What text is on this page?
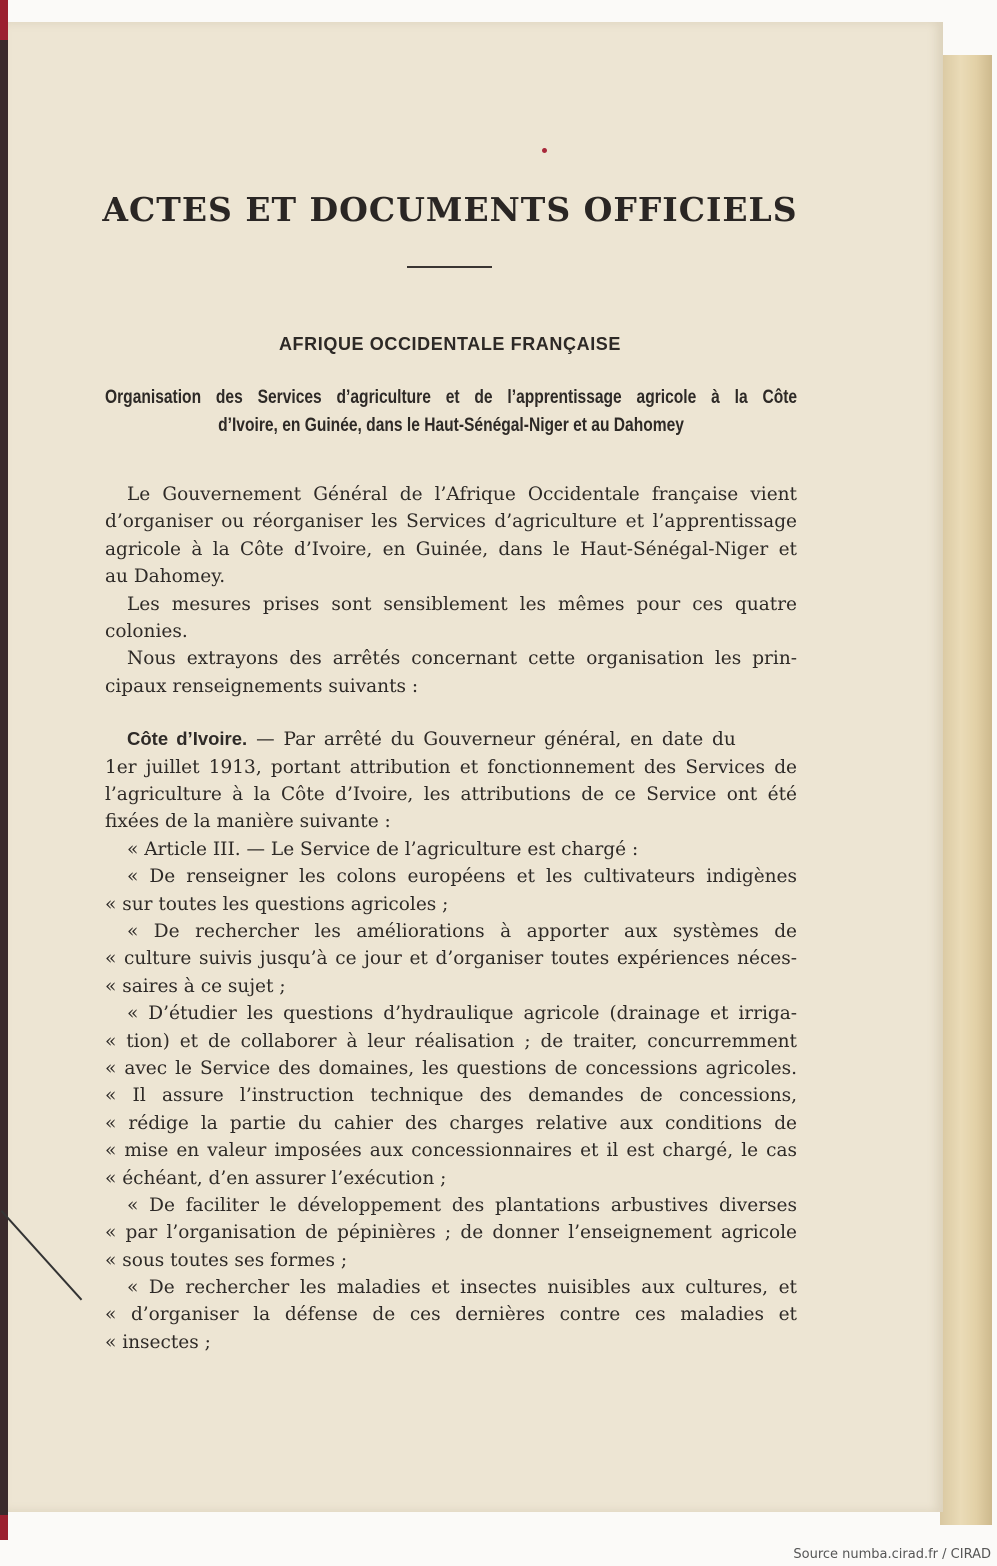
ACTES ET DOCUMENTS OFFICIELS
AFRIQUE OCCIDENTALE FRANÇAISE
Organisation des Services d’agriculture et de l’apprentissage agricole à la Côte
d’Ivoire, en Guinée, dans le Haut-Sénégal-Niger et au Dahomey
Le Gouvernement Général de l’Afrique Occidentale française vient
d’organiser ou réorganiser les Services d’agriculture et l’apprentissage
agricole à la Côte d’Ivoire, en Guinée, dans le Haut-Sénégal-Niger et
au Dahomey.
Les mesures prises sont sensiblement les mêmes pour ces quatre
colonies.
Nous extrayons des arrêtés concernant cette organisation les prin-
cipaux renseignements suivants :
Côte d’Ivoire. — Par arrêté du Gouverneur général, en date du
1er juillet 1913, portant attribution et fonctionnement des Services de
l’agriculture à la Côte d’Ivoire, les attributions de ce Service ont été
fixées de la manière suivante :
« Article III. — Le Service de l’agriculture est chargé :
« De renseigner les colons européens et les cultivateurs indigènes
« sur toutes les questions agricoles ;
« De rechercher les améliorations à apporter aux systèmes de
« culture suivis jusqu’à ce jour et d’organiser toutes expériences néces-
« saires à ce sujet ;
« D’étudier les questions d’hydraulique agricole (drainage et irriga-
« tion) et de collaborer à leur réalisation ; de traiter, concurremment
« avec le Service des domaines, les questions de concessions agricoles.
« Il assure l’instruction technique des demandes de concessions,
« rédige la partie du cahier des charges relative aux conditions de
« mise en valeur imposées aux concessionnaires et il est chargé, le cas
« échéant, d’en assurer l’exécution ;
« De faciliter le développement des plantations arbustives diverses
« par l’organisation de pépinières ; de donner l’enseignement agricole
« sous toutes ses formes ;
« De rechercher les maladies et insectes nuisibles aux cultures, et
« d’organiser la défense de ces dernières contre ces maladies et
« insectes ;
Source numba.cirad.fr / CIRAD
